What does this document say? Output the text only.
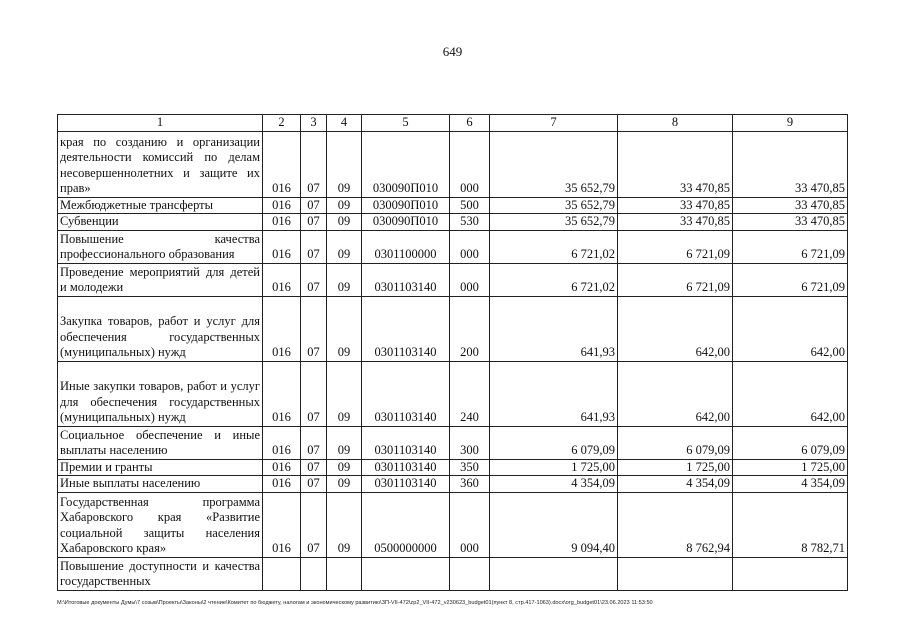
649
1	2	3	4	5	6	7	8	9

края по созданию и организации деятельности комиссий по делам несовершеннолетних и защите их прав»	016	07	09	030090П010	000	35 652,79	33 470,85	33 470,85

Межбюджетные трансферты	016	07	09	030090П010	500	35 652,79	33 470,85	33 470,85

Субвенции	016	07	09	030090П010	530	35 652,79	33 470,85	33 470,85

Повышение качества профессионального образования	016	07	09	0301100000	000	6 721,02	6 721,09	6 721,09

Проведение мероприятий для детей и молодежи	016	07	09	0301103140	000	6 721,02	6 721,09	6 721,09

Закупка товаров, работ и услуг для обеспечения государственных (муниципальных) нужд	016	07	09	0301103140	200	641,93	642,00	642,00

Иные закупки товаров, работ и услуг для обеспечения государственных (муниципальных) нужд	016	07	09	0301103140	240	641,93	642,00	642,00

Социальное обеспечение и иные выплаты населению	016	07	09	0301103140	300	6 079,09	6 079,09	6 079,09

Премии и гранты	016	07	09	0301103140	350	1 725,00	1 725,00	1 725,00

Иные выплаты населению	016	07	09	0301103140	360	4 354,09	4 354,09	4 354,09

Государственная программа Хабаровского края «Развитие социальной защиты населения Хабаровского края»	016	07	09	0500000000	000	9 094,40	8 762,94	8 782,71

Повышение доступности и качества государственных								

M:\Итоговые документы Думы\7 созыв\Проекты\Законы\2 чтение\Комитет по бюджету, налогам и экономическому развитию\ЗП-VII-472\zp2_VII-472_v230623_budget01(пункт 8, стр.417-1063).docx\org_budget01\23.06.2023 11:53:50
